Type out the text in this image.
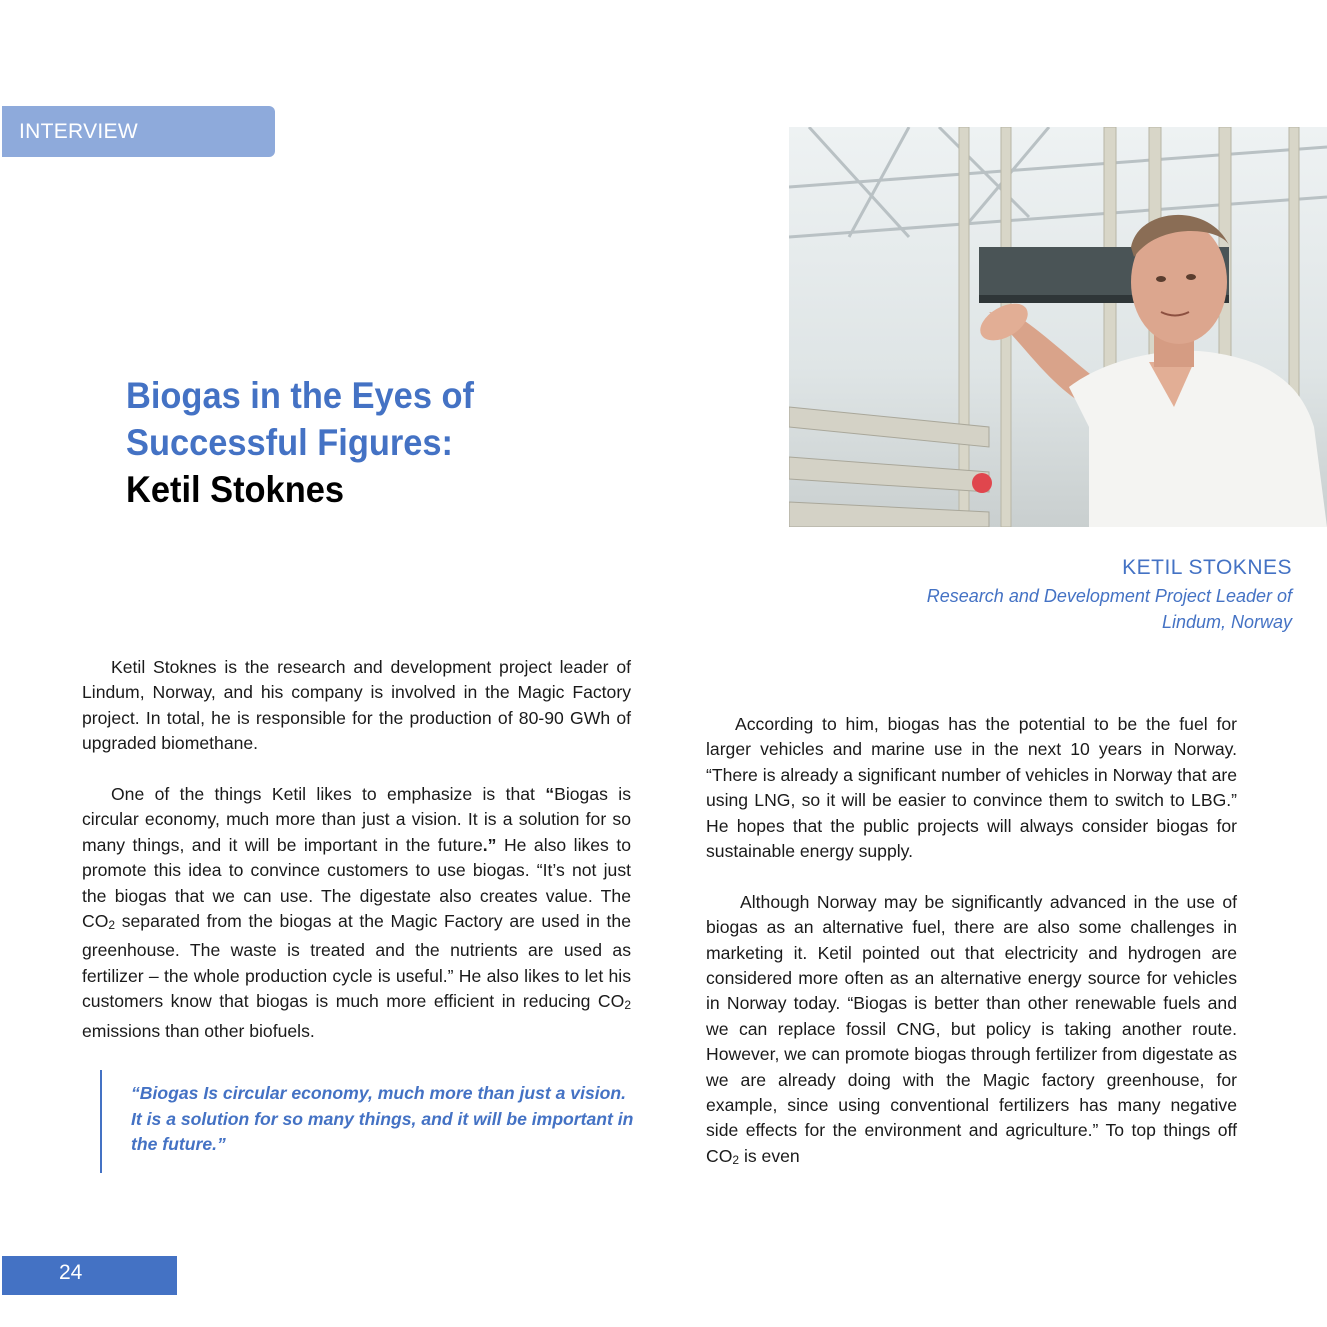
INTERVIEW
Biogas in the Eyes of
Successful Figures:
Ketil Stoknes
KETIL STOKNES
Research and Development Project Leader of
Lindum, Norway

Ketil Stoknes is the research and development project leader of Lindum, Norway, and his company is involved in the Magic Factory project. In total, he is responsible for the production of 80-90 GWh of upgraded biomethane.

One of the things Ketil likes to emphasize is that “Biogas is circular economy, much more than just a vision. It is a solution for so many things, and it will be important in the future.” He also likes to promote this idea to convince customers to use biogas. “It’s not just the biogas that we can use. The digestate also creates value. The $CO_2$ separated from the biogas at the Magic Factory are used in the greenhouse. The waste is treated and the nutrients are used as fertilizer – the whole production cycle is useful.” He also likes to let his customers know that biogas is much more efficient in reducing $CO_2$ emissions than other biofuels.

“Biogas Is circular economy, much more than just a vision. It is a solution for so many things, and it will be important in the future.”

According to him, biogas has the potential to be the fuel for larger vehicles and marine use in the next 10 years in Norway. “There is already a significant number of vehicles in Norway that are using LNG, so it will be easier to convince them to switch to LBG.” He hopes that the public projects will always consider biogas for sustainable energy supply.

Although Norway may be significantly advanced in the use of biogas as an alternative fuel, there are also some challenges in marketing it. Ketil pointed out that electricity and hydrogen are considered more often as an alternative energy source for vehicles in Norway today. “Biogas is better than other renewable fuels and we can replace fossil CNG, but policy is taking another route. However, we can promote biogas through fertilizer from digestate as we are already doing with the Magic factory greenhouse, for example, since using conventional fertilizers has many negative side effects for the environment and agriculture.” To top things off $CO_2$ is even

24
